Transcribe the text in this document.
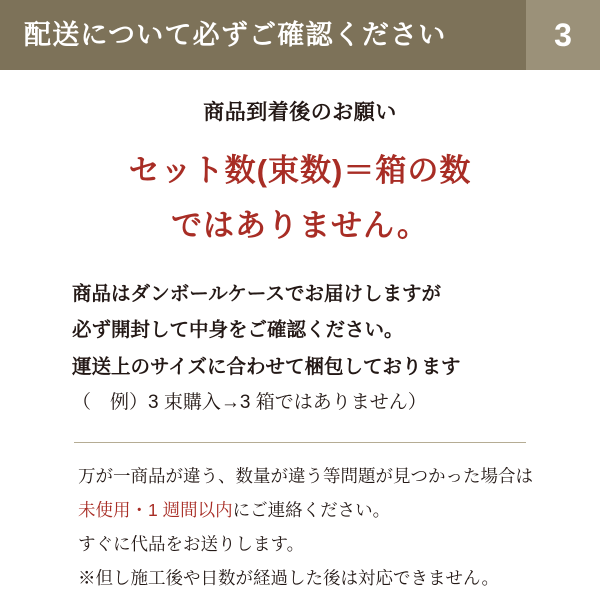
配送について必ずご確認ください	3
商品到着後のお願い
セット数(束数)＝箱の数
ではありません。
商品はダンボールケースでお届けしますが
必ず開封して中身をご確認ください。
運送上のサイズに合わせて梱包しております
（　例）3 束購入→3 箱ではありません）
万が一商品が違う、数量が違う等問題が見つかった場合は
未使用・1 週間以内にご連絡ください。
すぐに代品をお送りします。
※但し施工後や日数が経過した後は対応できません。
